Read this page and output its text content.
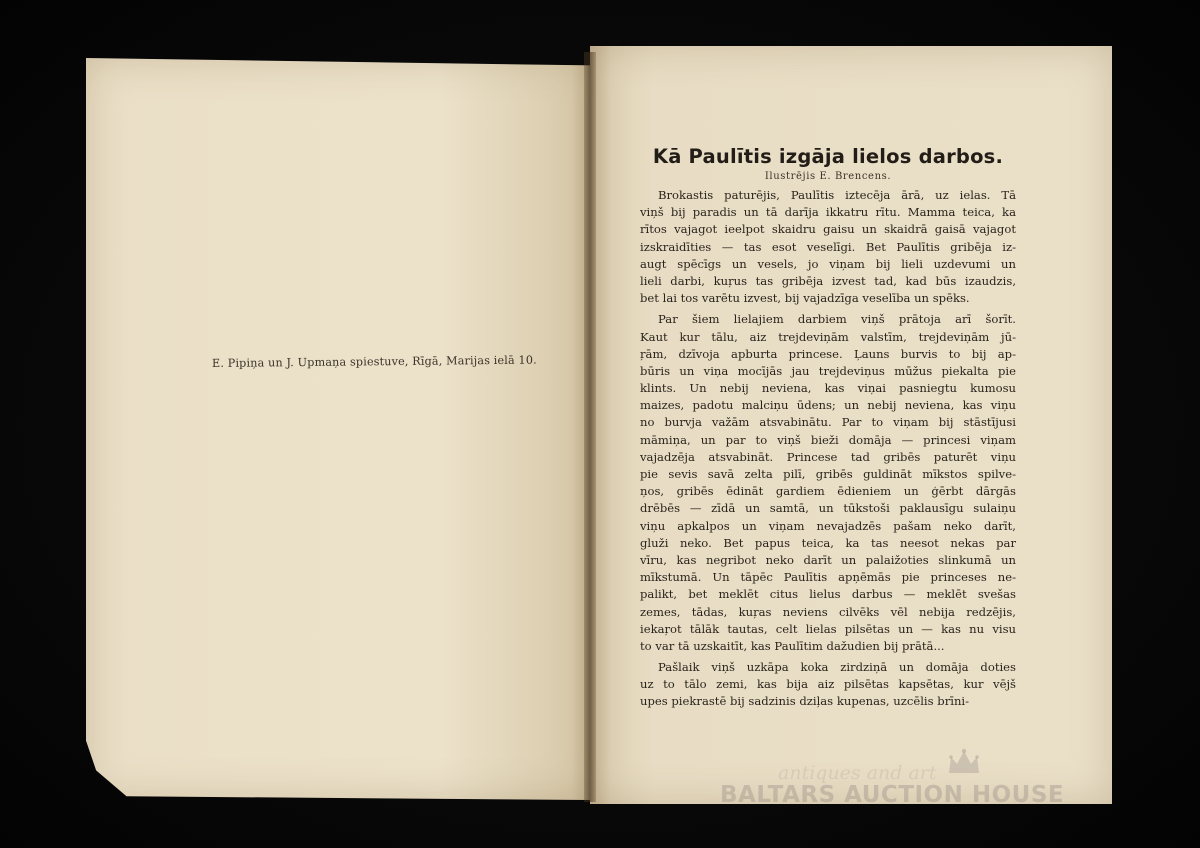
E. Pipiņa un J. Upmaņa spiestuve, Rīgā, Marijas ielā 10.
Kā Paulītis izgāja lielos darbos.
Ilustrējis E. Brencens.
Brokastis paturējis, Paulītis iztecēja ārā, uz ielas. Tā
viņš bij paradis un tā darīja ikkatru rītu. Mamma teica, ka
rītos vajagot ieelpot skaidru gaisu un skaidrā gaisā vajagot
izskraidīties — tas esot veselīgi. Bet Paulītis gribēja iz-
augt spēcīgs un vesels, jo viņam bij lieli uzdevumi un
lieli darbi, kuŗus tas gribēja izvest tad, kad būs izaudzis,
bet lai tos varētu izvest, bij vajadzīga veselība un spēks.
Par šiem lielajiem darbiem viņš prātoja arī šorīt.
Kaut kur tālu, aiz trejdeviņām valstīm, trejdeviņām jū-
ŗām, dzīvoja apburta princese. Ļauns burvis to bij ap-
būris un viņa mocījās jau trejdeviņus mūžus piekalta pie
klints. Un nebij neviena, kas viņai pasniegtu kumosu
maizes, padotu malciņu ūdens; un nebij neviena, kas viņu
no burvja važām atsvabinātu. Par to viņam bij stāstījusi
māmiņa, un par to viņš bieži domāja — princesi viņam
vajadzēja atsvabināt. Princese tad gribēs paturēt viņu
pie sevis savā zelta pilī, gribēs guldināt mīkstos spilve-
ņos, gribēs ēdināt gardiem ēdieniem un ģērbt dārgās
drēbēs — zīdā un samtā, un tūkstoši paklausīgu sulaiņu
viņu apkalpos un viņam nevajadzēs pašam neko darīt,
gluži neko. Bet papus teica, ka tas neesot nekas par
vīru, kas negribot neko darīt un palaižoties slinkumā un
mīkstumā. Un tāpēc Paulītis apņēmās pie princeses ne-
palikt, bet meklēt citus lielus darbus — meklēt svešas
zemes, tādas, kuŗas neviens cilvēks vēl nebija redzējis,
iekaŗot tālāk tautas, celt lielas pilsētas un — kas nu visu
to var tā uzskaitīt, kas Paulītim dažudien bij prātā...
Pašlaik viņš uzkāpa koka zirdziņā un domāja doties
uz to tālo zemi, kas bija aiz pilsētas kapsētas, kur vējš
upes piekrastē bij sadzinis dziļas kupenas, uzcēlis brīni-
antiques and art
BALTARS AUCTION HOUSE
